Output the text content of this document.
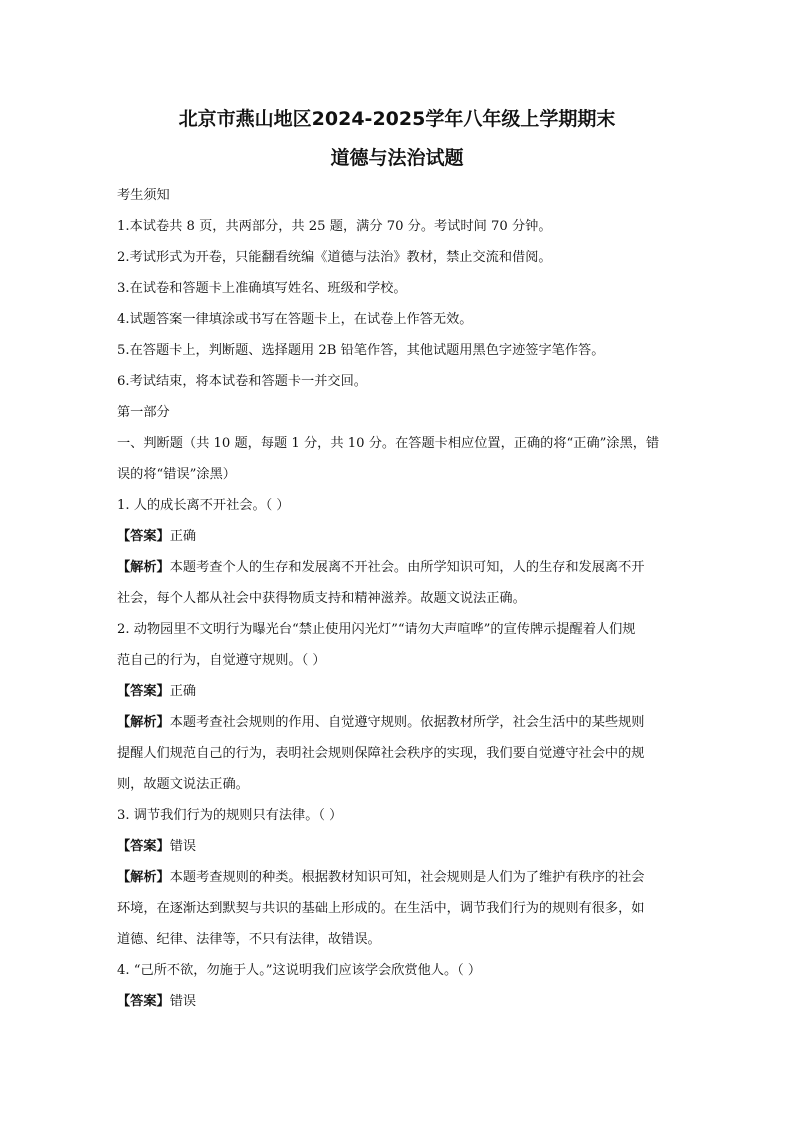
北京市燕山地区2024-2025学年八年级上学期期末
道德与法治试题
考生须知
1.本试卷共 8 页，共两部分，共 25 题，满分 70 分。考试时间 70 分钟。
2.考试形式为开卷，只能翻看统编《道德与法治》教材，禁止交流和借阅。
3.在试卷和答题卡上准确填写姓名、班级和学校。
4.试题答案一律填涂或书写在答题卡上，在试卷上作答无效。
5.在答题卡上，判断题、选择题用 2B 铅笔作答，其他试题用黑色字迹签字笔作答。
6.考试结束，将本试卷和答题卡一并交回。
第一部分
一、判断题（共 10 题，每题 1 分，共 10 分。在答题卡相应位置，正确的将“正确”涂黑，错
误的将“错误”涂黑）
1. 人的成长离不开社会。（ ）
【答案】正确
【解析】本题考查个人的生存和发展离不开社会。由所学知识可知，人的生存和发展离不开
社会，每个人都从社会中获得物质支持和精神滋养。故题文说法正确。
2. 动物园里不文明行为曝光台“禁止使用闪光灯”“请勿大声喧哗”的宣传牌示提醒着人们规
范自己的行为，自觉遵守规则。（ ）
【答案】正确
【解析】本题考查社会规则的作用、自觉遵守规则。依据教材所学，社会生活中的某些规则
提醒人们规范自己的行为，表明社会规则保障社会秩序的实现，我们要自觉遵守社会中的规
则，故题文说法正确。
3. 调节我们行为的规则只有法律。（ ）
【答案】错误
【解析】本题考查规则的种类。根据教材知识可知，社会规则是人们为了维护有秩序的社会
环境，在逐渐达到默契与共识的基础上形成的。在生活中，调节我们行为的规则有很多，如
道德、纪律、法律等，不只有法律，故错误。
4. “己所不欲，勿施于人。”这说明我们应该学会欣赏他人。（ ）
【答案】错误
